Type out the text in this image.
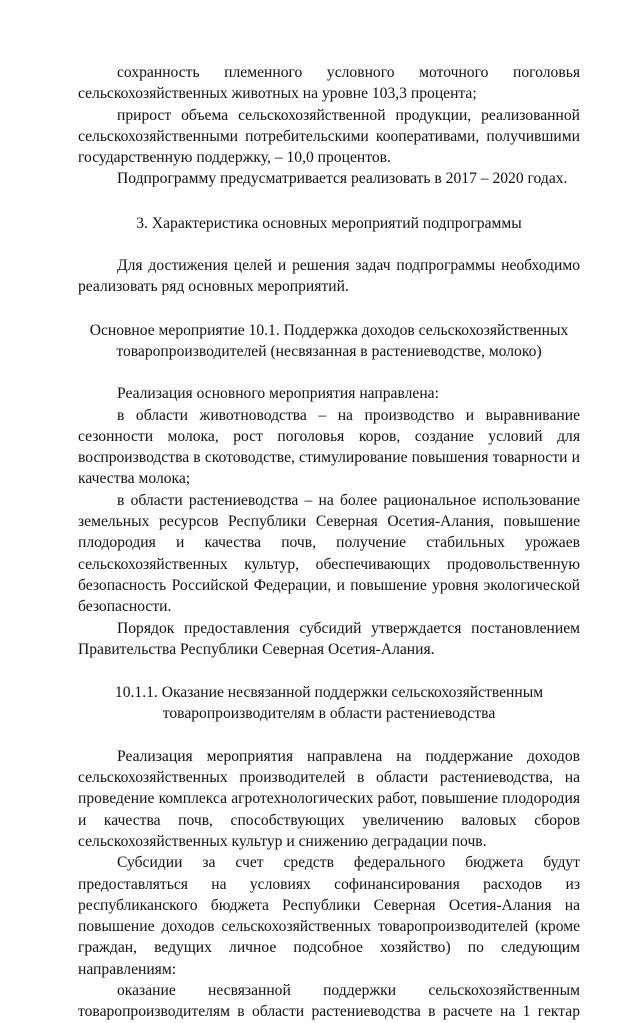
сохранность племенного условного моточного поголовья сельскохозяйственных животных на уровне 103,3 процента;

прирост объема сельскохозяйственной продукции, реализованной сельскохозяйственными потребительскими кооперативами, получившими государственную поддержку, – 10,0 процентов.

Подпрограмму предусматривается реализовать в 2017 – 2020 годах.

3. Характеристика основных мероприятий подпрограммы

Для достижения целей и решения задач подпрограммы необходимо реализовать ряд основных мероприятий.

Основное мероприятие 10.1. Поддержка доходов сельскохозяйственных товаропроизводителей (несвязанная в растениеводстве, молоко)

Реализация основного мероприятия направлена:

в области животноводства – на производство и выравнивание сезонности молока, рост поголовья коров, создание условий для воспроизводства в скотоводстве, стимулирование повышения товарности и качества молока;

в области растениеводства – на более рациональное использование земельных ресурсов Республики Северная Осетия-Алания, повышение плодородия и качества почв, получение стабильных урожаев сельскохозяйственных культур, обеспечивающих продовольственную безопасность Российской Федерации, и повышение уровня экологической безопасности.

Порядок предоставления субсидий утверждается постановлением Правительства Республики Северная Осетия-Алания.

10.1.1. Оказание несвязанной поддержки сельскохозяйственным товаропроизводителям в области растениеводства

Реализация мероприятия направлена на поддержание доходов сельскохозяйственных производителей в области растениеводства, на проведение комплекса агротехнологических работ, повышение плодородия и качества почв, способствующих увеличению валовых сборов сельскохозяйственных культур и снижению деградации почв.

Субсидии за счет средств федерального бюджета будут предоставляться на условиях софинансирования расходов из республиканского бюджета Республики Северная Осетия-Алания на повышение доходов сельскохозяйственных товаропроизводителей (кроме граждан, ведущих личное подсобное хозяйство) по следующим направлениям:

оказание несвязанной поддержки сельскохозяйственным товаропроизводителям в области растениеводства в расчете на 1 гектар
